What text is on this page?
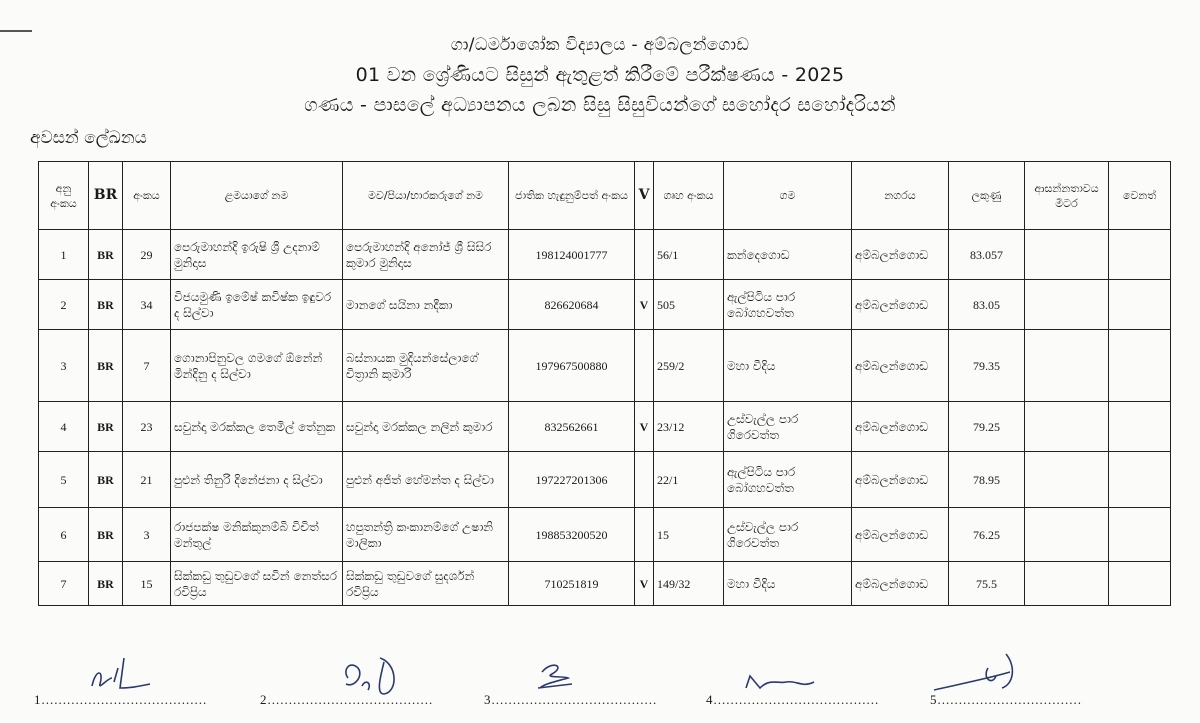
ගා/ධර්මාශෝක විද්‍යාලය - අම්බලන්ගොඩ
01 වන ශ්‍රේණියට සිසුන් ඇතුළත් කිරීමේ පරීක්ෂණය - 2025
ගණය - පාසලේ අධ්‍යාපනය ලබන සිසු සිසුවියන්ගේ සහෝදර සහෝදරියන්
අවසන් ලේඛනය
අනු අංකය	BR	අංකය	ළමයාගේ නම	මව/පියා/භාරකරුගේ නම	ජාතික හැඳුනුම්පත් අංකය	V	ගෘහ අංකය	ගම	නගරය	ලකුණු	ආසන්නතාවය මීටර	වෙනත්
1	BR	29	පෙරුමාහන්දි ඉරුෂි ශ්‍රී උදනාම් මුනිදාස	පෙරුමාහන්දි අනෝජ් ශ්‍රී සිසිර කුමාර මුනිදාස	198124001777		56/1	කන්දෙගොඩ	අම්බලන්ගොඩ	83.057		
2	BR	34	විජයමුණි ඉමේෂ් කවිෂ්ක ඉඳුවර ද සිල්වා	මානගේ සයිනා නදීකා	826620684	V	505	ඇල්පිටිය පාර බෝගහවත්ත	අම්බලන්ගොඩ	83.05		
3	BR	7	ගොනාපිනුවල ගමගේ ඕනේන් මින්දිනු ද සිල්වා	බස්නායක මුදියන්සේලාගේ චිත්‍රානි කුමාරි	197967500880		259/2	මහා වීදිය	අම්බලන්ගොඩ	79.35		
4	BR	23	සවුන්දා මරක්කල තෙමිල් තේනුක	සවුන්දා මරක්කල නලින් කුමාර	832562661	V	23/12	උස්වැල්ල පාර ගිරෙවත්ත	අම්බලන්ගොඩ	79.25		
5	BR	21	පුළුන් තිනුරි දිනේජනා ද සිල්වා	පුළුන් අජිත් හේමන්ත ද සිල්වා	197227201306		22/1	ඇල්පිටිය පාර බෝගහවත්ත	අම්බලන්ගොඩ	78.95		
6	BR	3	රාජපක්ෂ මනික්කුනම්බි විචිත් මන්තුල්	හපුතන්ත්‍රි කංකානම්ගේ උෂානි මාලිකා	198853200520		15	උස්වැල්ල පාර ගිරෙවත්ත	අම්බලන්ගොඩ	76.25		
7	BR	15	සික්කඩු තුඩුවගේ සවින් නෙත්සර රවිප්‍රිය	සික්කඩු තුඩුවගේ සුදර්ශන් රවිප්‍රිය	710251819	V	149/32	මහා වීදිය	අම්බලන්ගොඩ	75.5		
1.......................................	2.......................................	3.......................................	4.......................................	5..................................
